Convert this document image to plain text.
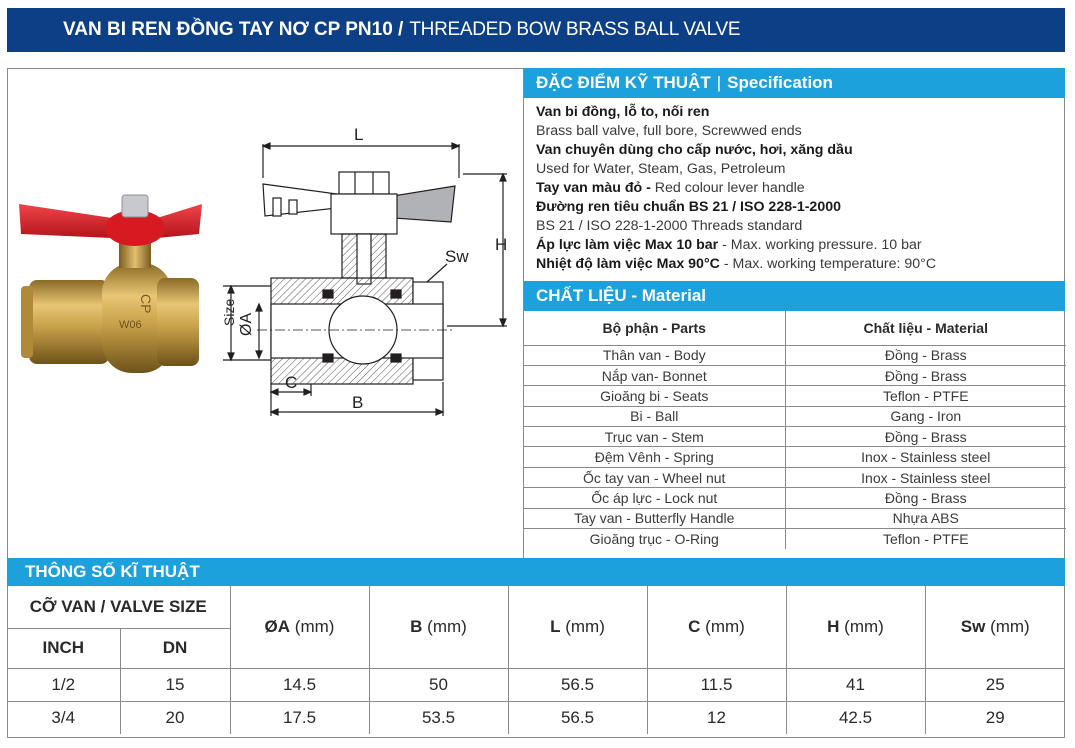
VAN BI REN ĐỒNG TAY NƠ CP PN10 / THREADED BOW BRASS BALL VALVE
W06
CP
L
H
Sw
Size ØA
C
B
ĐẶC ĐIỂM KỸ THUẬT | Specification
Van bi đồng, lỗ to, nối ren
Brass ball valve, full bore, Screwwed ends
Van chuyên dùng cho cấp nước, hơi, xăng dầu
Used for Water, Steam, Gas, Petroleum
Tay van màu đỏ - Red colour lever handle
Đường ren tiêu chuẩn BS 21 / ISO 228-1-2000
BS 21 / ISO 228-1-2000 Threads standard
Áp lực làm việc Max 10 bar - Max. working pressure. 10 bar
Nhiệt độ làm việc Max 90°C - Max. working temperature: 90°C
CHẤT LIỆU - Material
Bộ phận - Parts	Chất liệu - Material
Thân van - Body	Đồng - Brass
Nắp van- Bonnet	Đồng - Brass
Gioăng bi - Seats	Teflon - PTFE
Bi - Ball	Gang - Iron
Trục van - Stem	Đồng - Brass
Đệm Vênh - Spring	Inox - Stainless steel
Ốc tay van - Wheel nut	Inox - Stainless steel
Ốc áp lực - Lock nut	Đồng - Brass
Tay van - Butterfly Handle	Nhựa ABS
Gioăng trục - O-Ring	Teflon - PTFE
THÔNG SỐ KĨ THUẬT
CỠ VAN / VALVE SIZE		ØA (mm)	B (mm)	L (mm)	C (mm)	H (mm)	Sw (mm)
INCH	DN						
1/2	15	14.5	50	56.5	11.5	41	25
3/4	20	17.5	53.5	56.5	12	42.5	29
